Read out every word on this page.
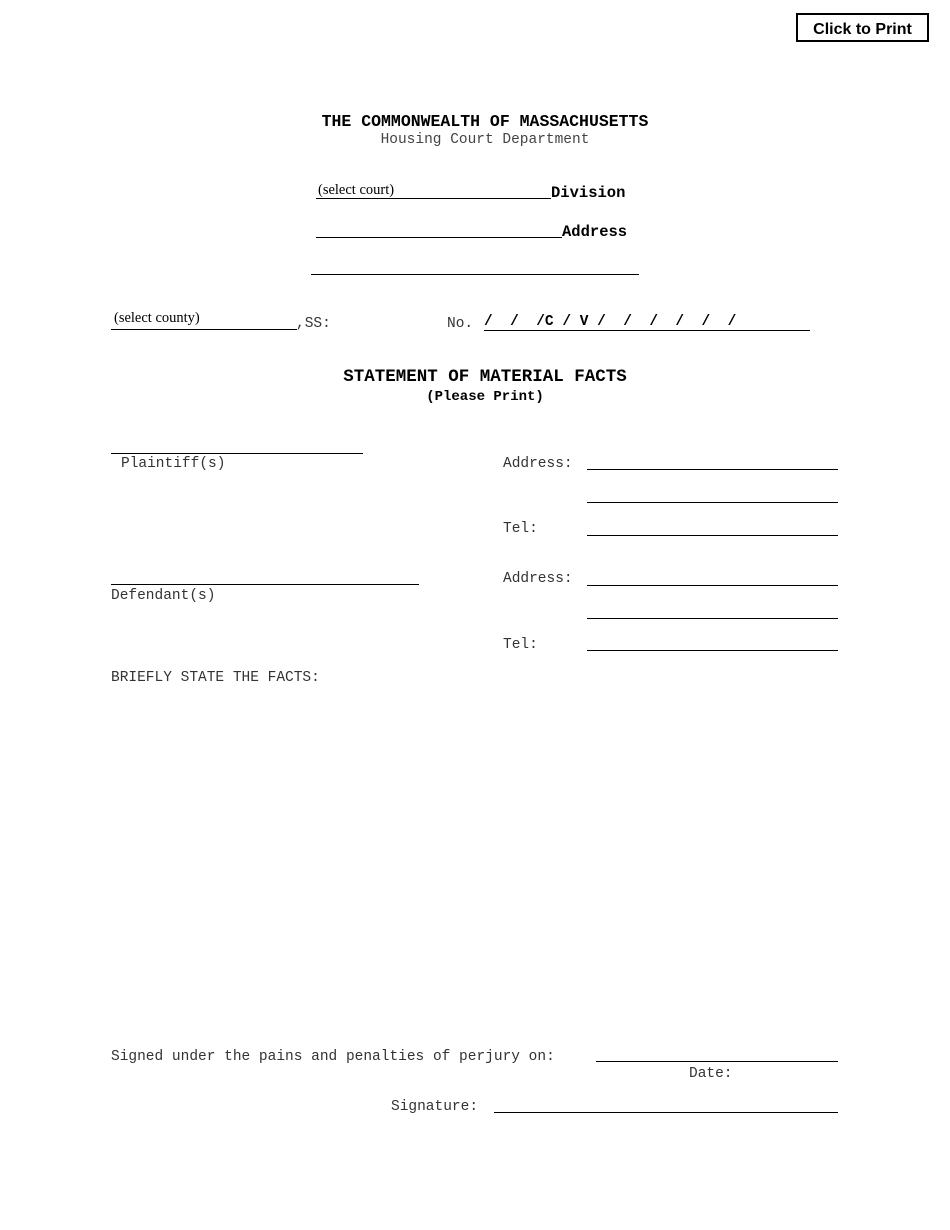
Click to Print
THE COMMONWEALTH OF MASSACHUSETTS
Housing Court Department
(select court)	Division
Address
(select county)	,SS:	No. /  /  /C / V /  /  /  /  /  /
STATEMENT OF MATERIAL FACTS
(Please Print)
Plaintiff(s)	Address:
Tel:
Defendant(s)
Address:
Tel:
BRIEFLY STATE THE FACTS:
Signed under the pains and penalties of perjury on:
Date:
Signature:
